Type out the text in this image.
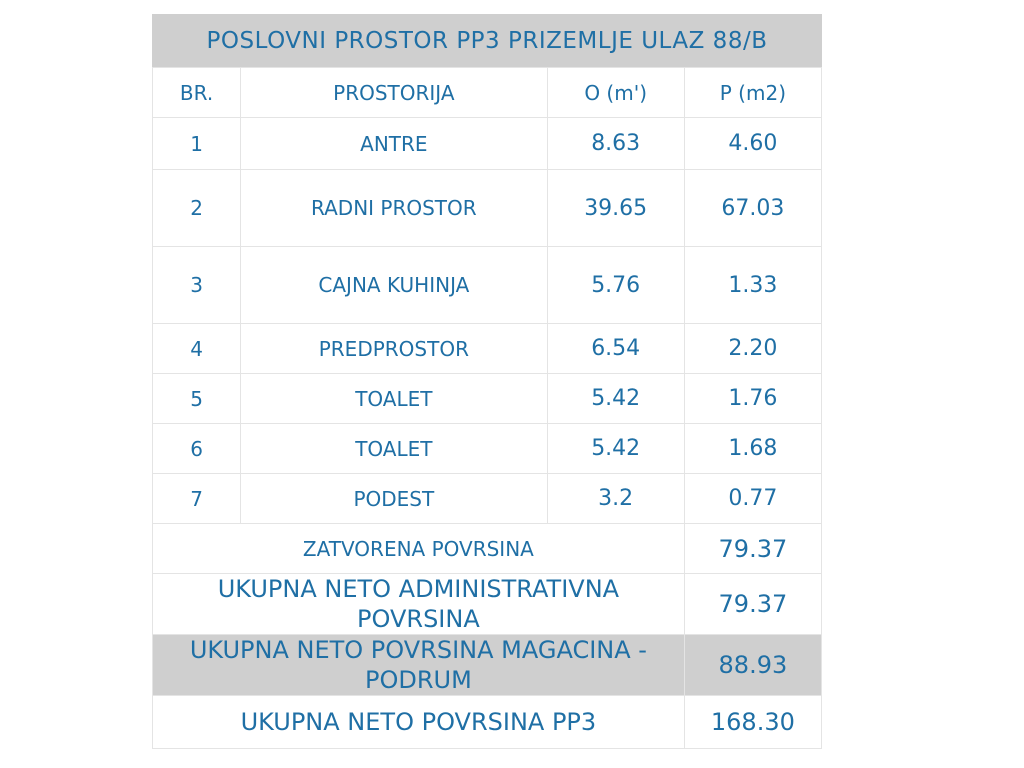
POSLOVNI PROSTOR PP3 PRIZEMLJE ULAZ 88/B
BR.	PROSTORIJA	O (m')	P (m2)
1	ANTRE	8.63	4.60
2	RADNI PROSTOR	39.65	67.03
3	CAJNA KUHINJA	5.76	1.33
4	PREDPROSTOR	6.54	2.20
5	TOALET	5.42	1.76
6	TOALET	5.42	1.68
7	PODEST	3.2	0.77
ZATVORENA POVRSINA			79.37
UKUPNA NETO ADMINISTRATIVNA POVRSINA			79.37
UKUPNA NETO POVRSINA MAGACINA - PODRUM			88.93
UKUPNA NETO POVRSINA PP3			168.30
